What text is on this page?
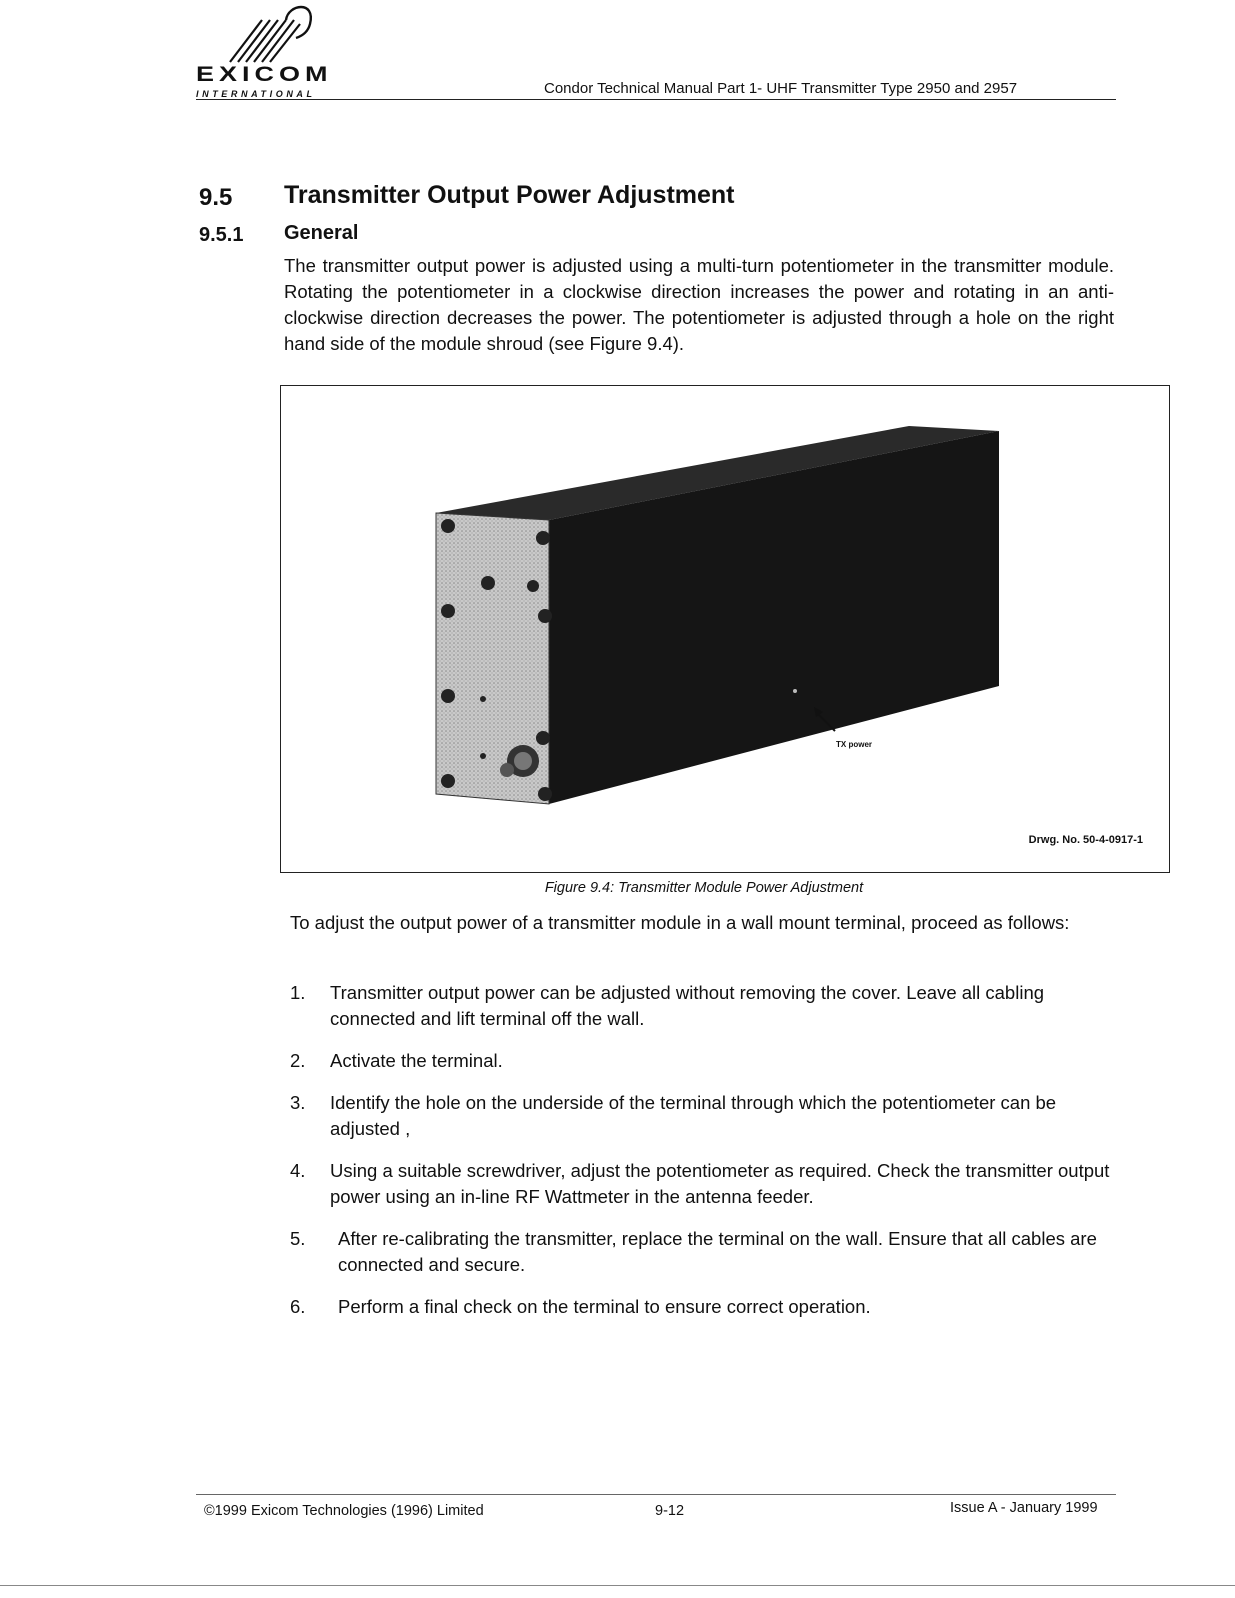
EXICOM
INTERNATIONAL	Condor Technical Manual Part 1- UHF Transmitter Type 2950 and 2957
9.5 Transmitter Output Power Adjustment
9.5.1 General

The transmitter output power is adjusted using a multi-turn potentiometer in the transmitter module. Rotating the potentiometer in a clockwise direction increases the power and rotating in an anti-clockwise direction decreases the power. The potentiometer is adjusted through a hole on the right hand side of the module shroud (see Figure 9.4).

TX power
Drwg. No. 50-4-0917-1
Figure 9.4: Transmitter Module Power Adjustment

To adjust the output power of a transmitter module in a wall mount terminal, proceed as follows:

1.	Transmitter output power can be adjusted without removing the cover. Leave all cabling connected and lift terminal off the wall.
2.	Activate the terminal.
3.	Identify the hole on the underside of the terminal through which the potentiometer can be adjusted ,
4.	Using a suitable screwdriver, adjust the potentiometer as required. Check the transmitter output power using an in-line RF Wattmeter in the antenna feeder.
5.	After re-calibrating the transmitter, replace the terminal on the wall. Ensure that all cables are connected and secure.
6.	Perform a final check on the terminal to ensure correct operation.
©1999 Exicom Technologies (1996) Limited	9-12	Issue A - January 1999
